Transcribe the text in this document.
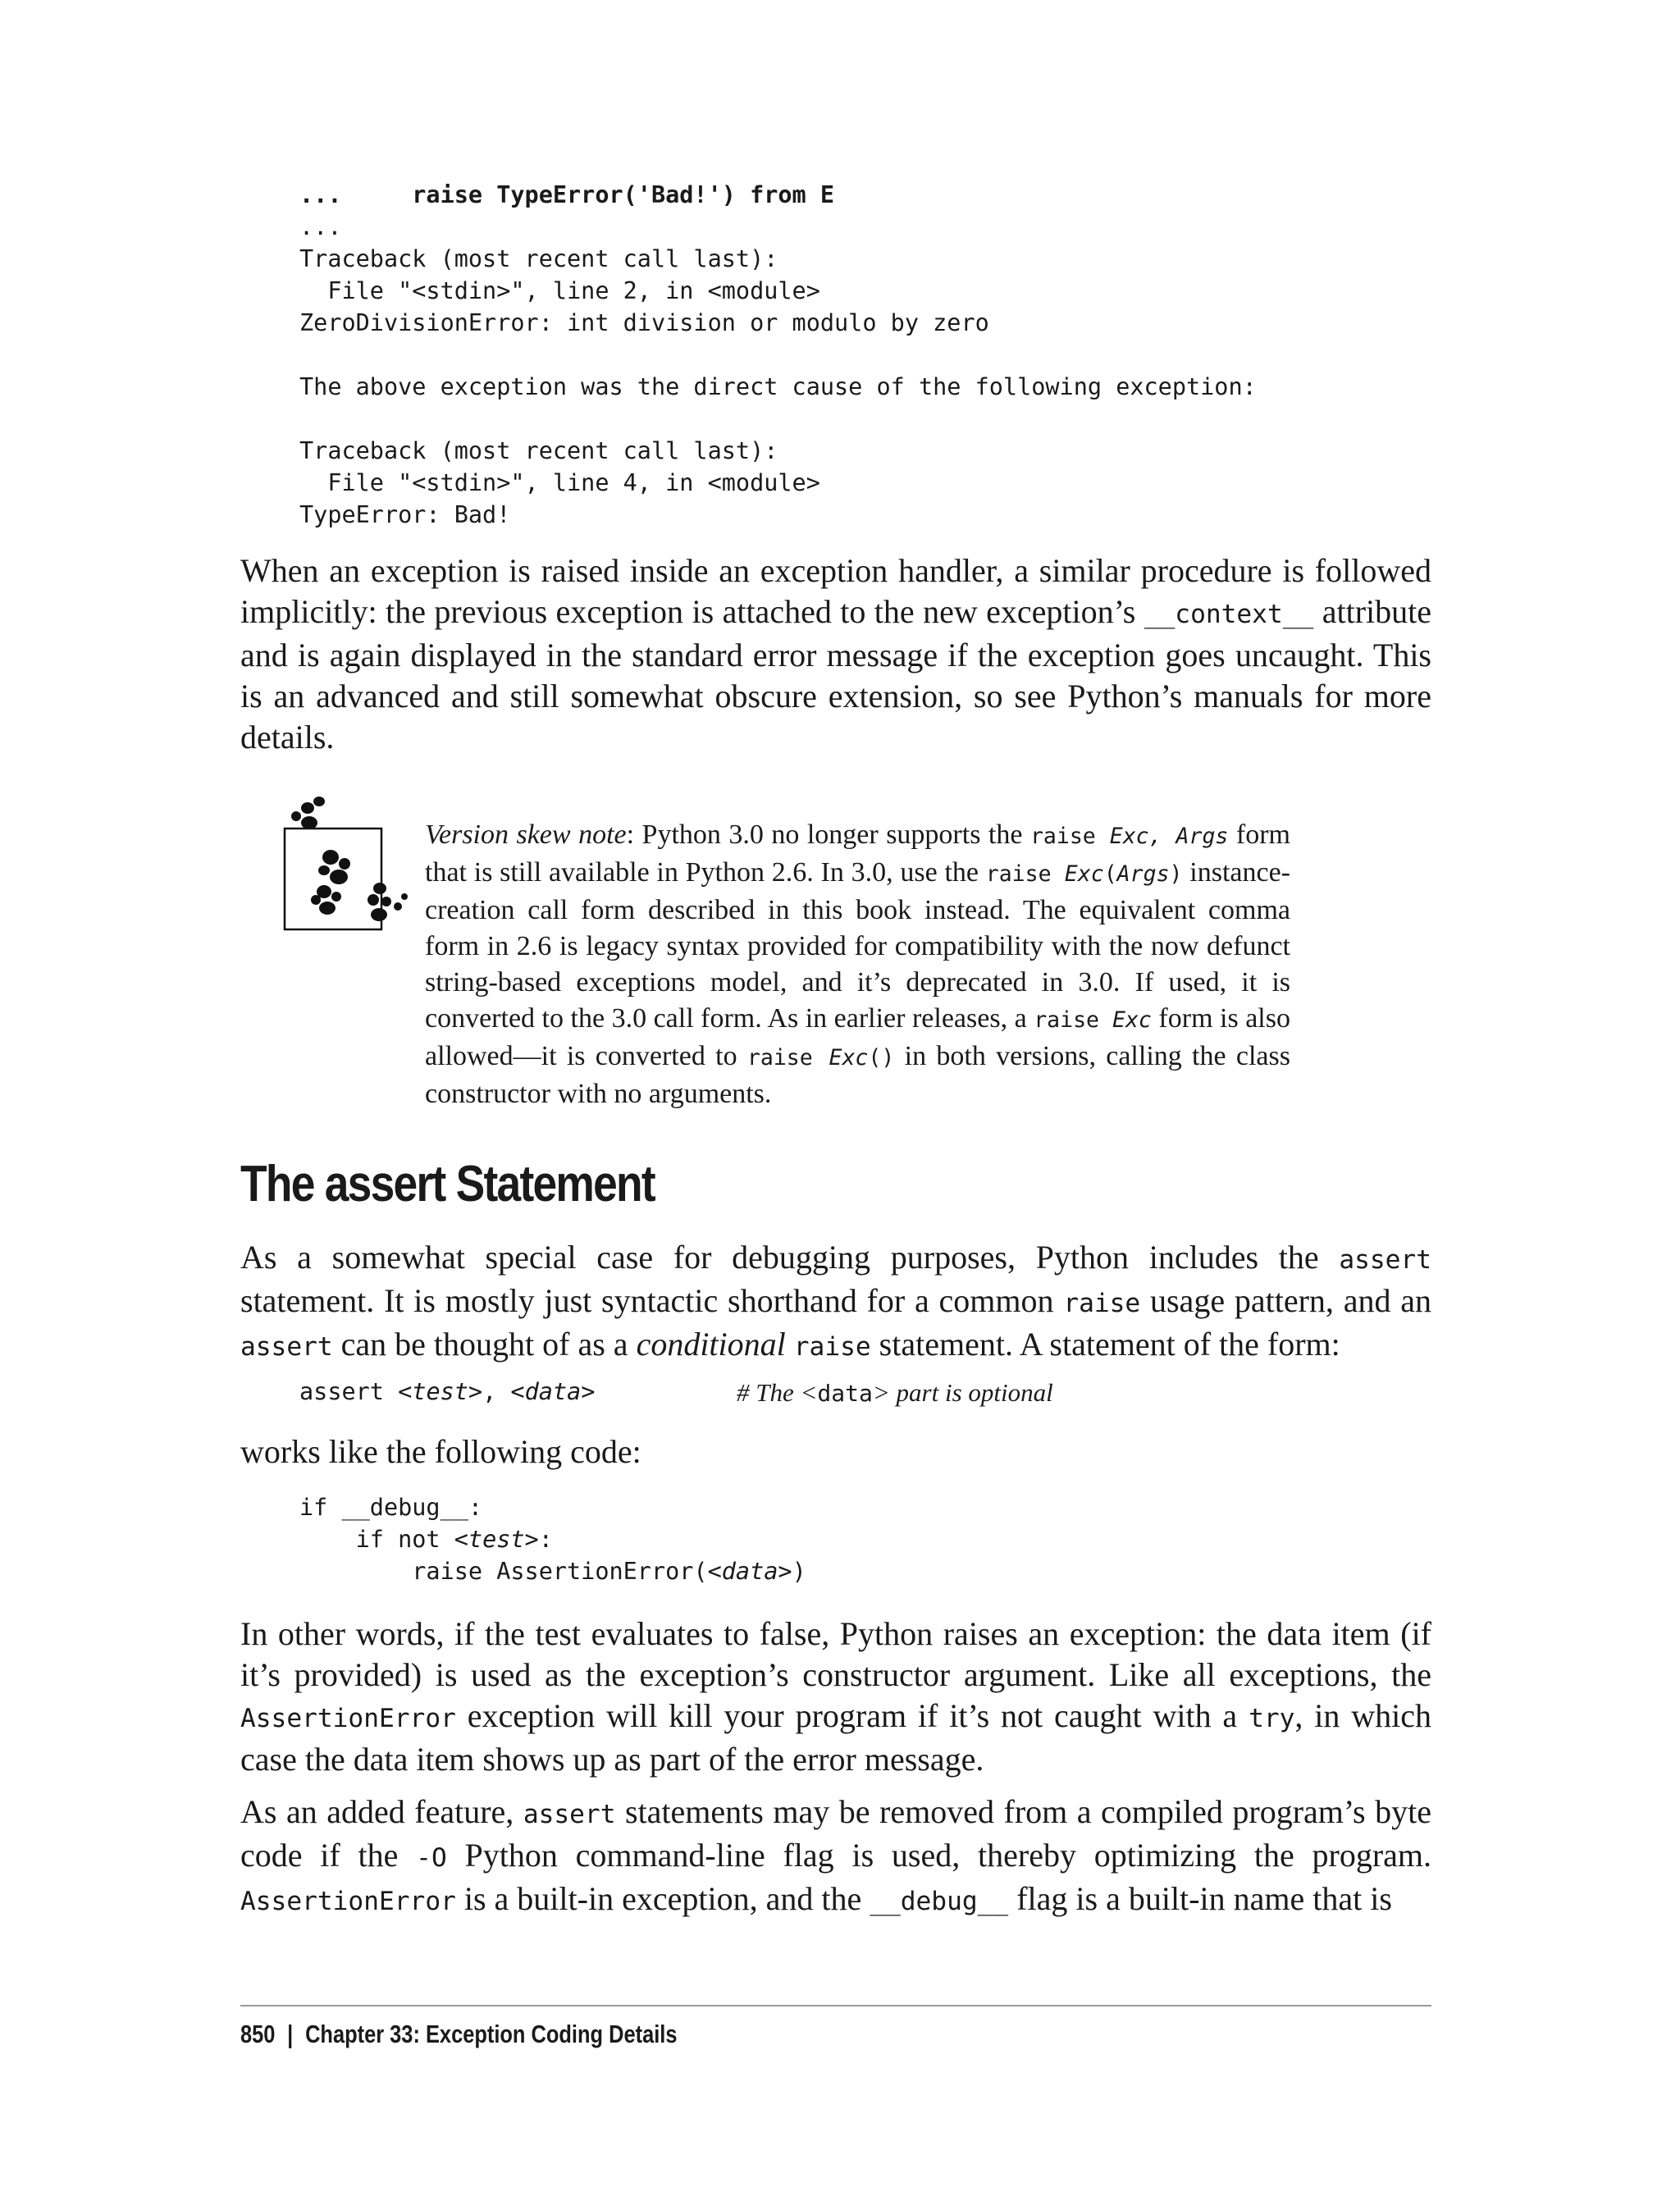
...     raise TypeError('Bad!') from E
...
Traceback (most recent call last):
File "<stdin>", line 2, in <module>
ZeroDivisionError: int division or modulo by zero

The above exception was the direct cause of the following exception:

Traceback (most recent call last):
File "<stdin>", line 4, in <module>
TypeError: Bad!

When an exception is raised inside an exception handler, a similar procedure is followed implicitly: the previous exception is attached to the new exception’s __context__ attribute and is again displayed in the standard error message if the exception goes uncaught. This is an advanced and still somewhat obscure extension, so see Python’s manuals for more details.

Version skew note: Python 3.0 no longer supports the raise Exc, Args form that is still available in Python 2.6. In 3.0, use the raise Exc(Args) instance-creation call form described in this book instead. The equivalent comma form in 2.6 is legacy syntax provided for compatibility with the now defunct string-based exceptions model, and it’s deprecated in 3.0. If used, it is converted to the 3.0 call form. As in earlier releases, a raise Exc form is also allowed—it is converted to raise Exc() in both versions, calling the class constructor with no arguments.

The assert Statement

As a somewhat special case for debugging purposes, Python includes the assert statement. It is mostly just syntactic shorthand for a common raise usage pattern, and an assert can be thought of as a conditional raise statement. A statement of the form:

assert <test>, <data>	# The <data> part is optional

works like the following code:

if __debug__:
if not <test>:
raise AssertionError(<data>)

In other words, if the test evaluates to false, Python raises an exception: the data item (if it’s provided) is used as the exception’s constructor argument. Like all exceptions, the AssertionError exception will kill your program if it’s not caught with a try, in which case the data item shows up as part of the error message.

As an added feature, assert statements may be removed from a compiled program’s byte code if the -O Python command-line flag is used, thereby optimizing the program. AssertionError is a built-in exception, and the __debug__ flag is a built-in name that is

850 | Chapter 33: Exception Coding Details
